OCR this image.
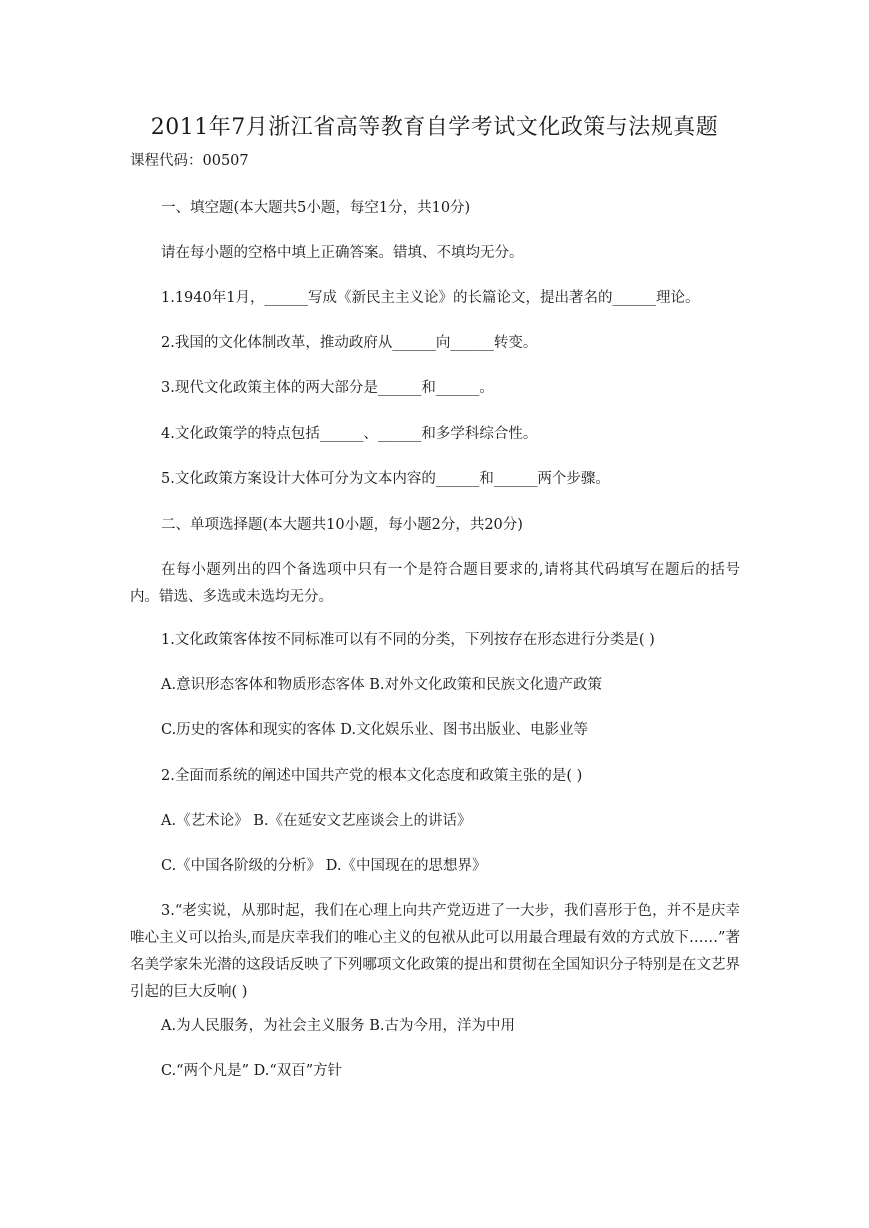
2011年7月浙江省高等教育自学考试文化政策与法规真题
课程代码：00507
一、填空题(本大题共5小题，每空1分，共10分)
请在每小题的空格中填上正确答案。错填、不填均无分。
1.1940年1月，______写成《新民主主义论》的长篇论文，提出著名的______理论。
2.我国的文化体制改革，推动政府从______向______转变。
3.现代文化政策主体的两大部分是______和______。
4.文化政策学的特点包括______、______和多学科综合性。
5.文化政策方案设计大体可分为文本内容的______和______两个步骤。
二、单项选择题(本大题共10小题，每小题2分，共20分)
在每小题列出的四个备选项中只有一个是符合题目要求的,请将其代码填写在题后的括号内。错选、多选或未选均无分。
1.文化政策客体按不同标准可以有不同的分类，下列按存在形态进行分类是( )
A.意识形态客体和物质形态客体 B.对外文化政策和民族文化遗产政策
C.历史的客体和现实的客体 D.文化娱乐业、图书出版业、电影业等
2.全面而系统的阐述中国共产党的根本文化态度和政策主张的是( )
A.《艺术论》 B.《在延安文艺座谈会上的讲话》
C.《中国各阶级的分析》 D.《中国现在的思想界》
3.“老实说，从那时起，我们在心理上向共产党迈进了一大步，我们喜形于色，并不是庆幸唯心主义可以抬头,而是庆幸我们的唯心主义的包袱从此可以用最合理最有效的方式放下……”著名美学家朱光潜的这段话反映了下列哪项文化政策的提出和贯彻在全国知识分子特别是在文艺界引起的巨大反响( )
A.为人民服务，为社会主义服务 B.古为今用，洋为中用
C.“两个凡是” D.“双百”方针
